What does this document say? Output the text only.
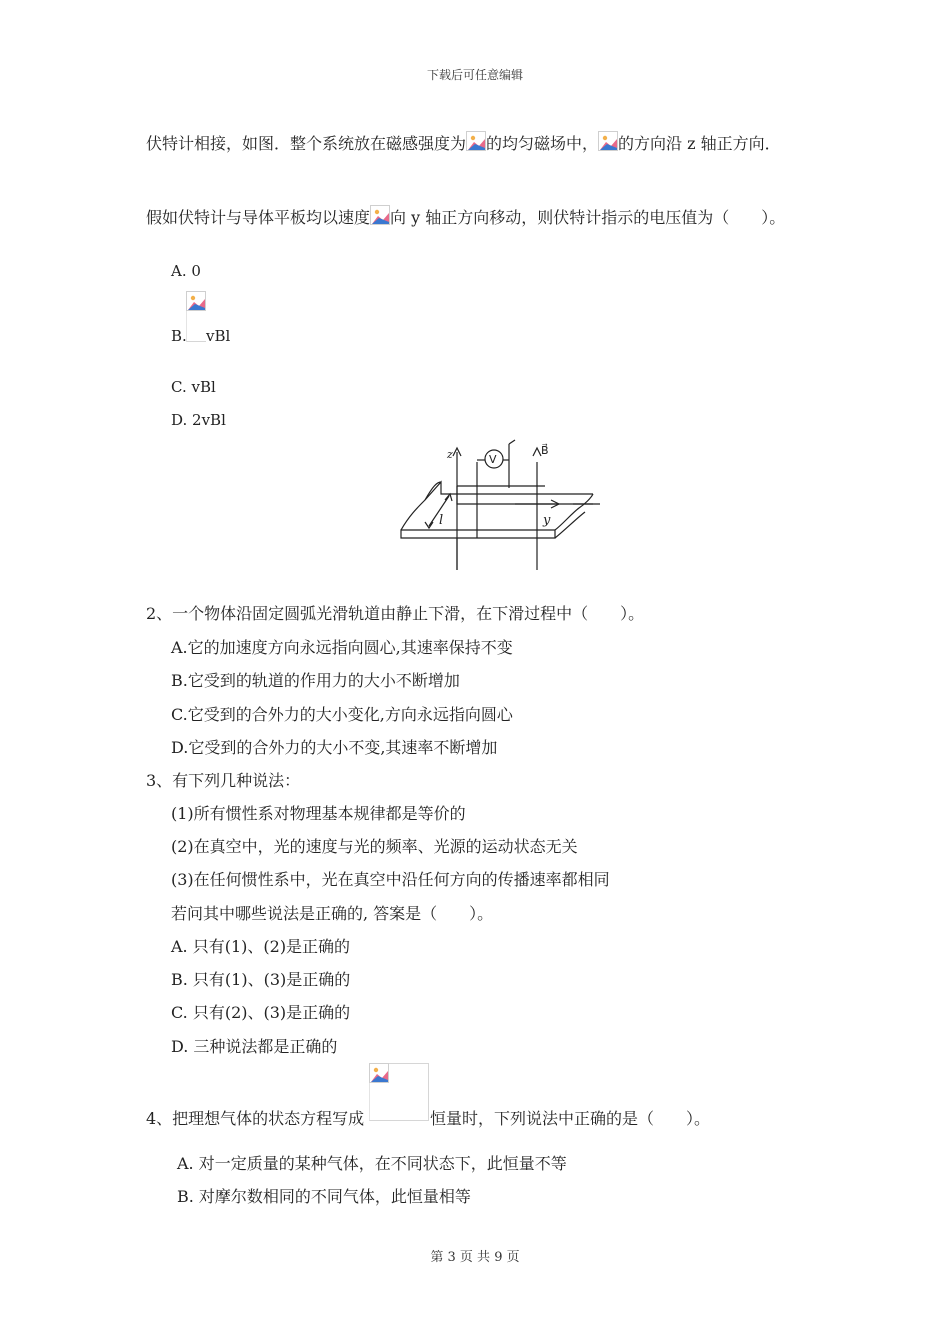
下载后可任意编辑
伏特计相接，如图．整个系统放在磁感强度为 的均匀磁场中， 的方向沿 z 轴正方向．
假如伏特计与导体平板均以速度 向 y 轴正方向移动，则伏特计指示的电压值为（　　）。
A. 0
B. vBl
C. vBl
D. 2vBl
z	B⃗
V
l	y
2、一个物体沿固定圆弧光滑轨道由静止下滑，在下滑过程中（　　）。
A.它的加速度方向永远指向圆心,其速率保持不变
B.它受到的轨道的作用力的大小不断增加
C.它受到的合外力的大小变化,方向永远指向圆心
D.它受到的合外力的大小不变,其速率不断增加
3、有下列几种说法：
(1)所有惯性系对物理基本规律都是等价的
(2)在真空中，光的速度与光的频率、光源的运动状态无关
(3)在任何惯性系中，光在真空中沿任何方向的传播速率都相同
若问其中哪些说法是正确的, 答案是（　　）。
A. 只有(1)、(2)是正确的
B. 只有(1)、(3)是正确的
C. 只有(2)、(3)是正确的
D. 三种说法都是正确的
4、把理想气体的状态方程写成	恒量时，下列说法中正确的是（　　）。
A. 对一定质量的某种气体，在不同状态下，此恒量不等
B. 对摩尔数相同的不同气体，此恒量相等
第 3 页 共 9 页
